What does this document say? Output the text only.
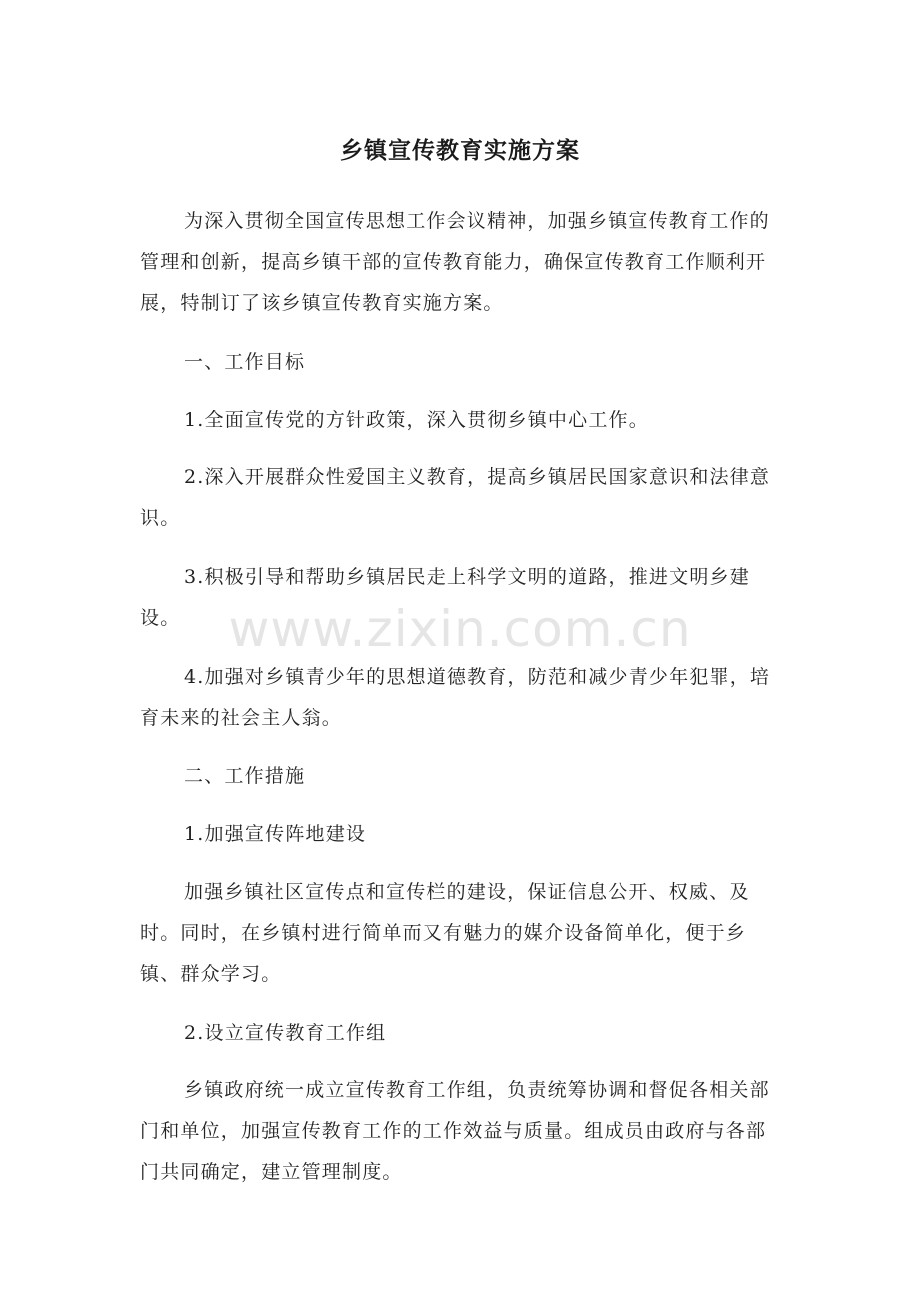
乡镇宣传教育实施方案

为深入贯彻全国宣传思想工作会议精神，加强乡镇宣传教育工作的管理和创新，提高乡镇干部的宣传教育能力，确保宣传教育工作顺利开展，特制订了该乡镇宣传教育实施方案。

一、工作目标

1.全面宣传党的方针政策，深入贯彻乡镇中心工作。

2.深入开展群众性爱国主义教育，提高乡镇居民国家意识和法律意识。

3.积极引导和帮助乡镇居民走上科学文明的道路，推进文明乡建设。

4.加强对乡镇青少年的思想道德教育，防范和减少青少年犯罪，培育未来的社会主人翁。

二、工作措施

1.加强宣传阵地建设

加强乡镇社区宣传点和宣传栏的建设，保证信息公开、权威、及时。同时，在乡镇村进行简单而又有魅力的媒介设备简单化，便于乡镇、群众学习。

2.设立宣传教育工作组

乡镇政府统一成立宣传教育工作组，负责统筹协调和督促各相关部门和单位，加强宣传教育工作的工作效益与质量。组成员由政府与各部门共同确定，建立管理制度。

www.zixin.com.cn
